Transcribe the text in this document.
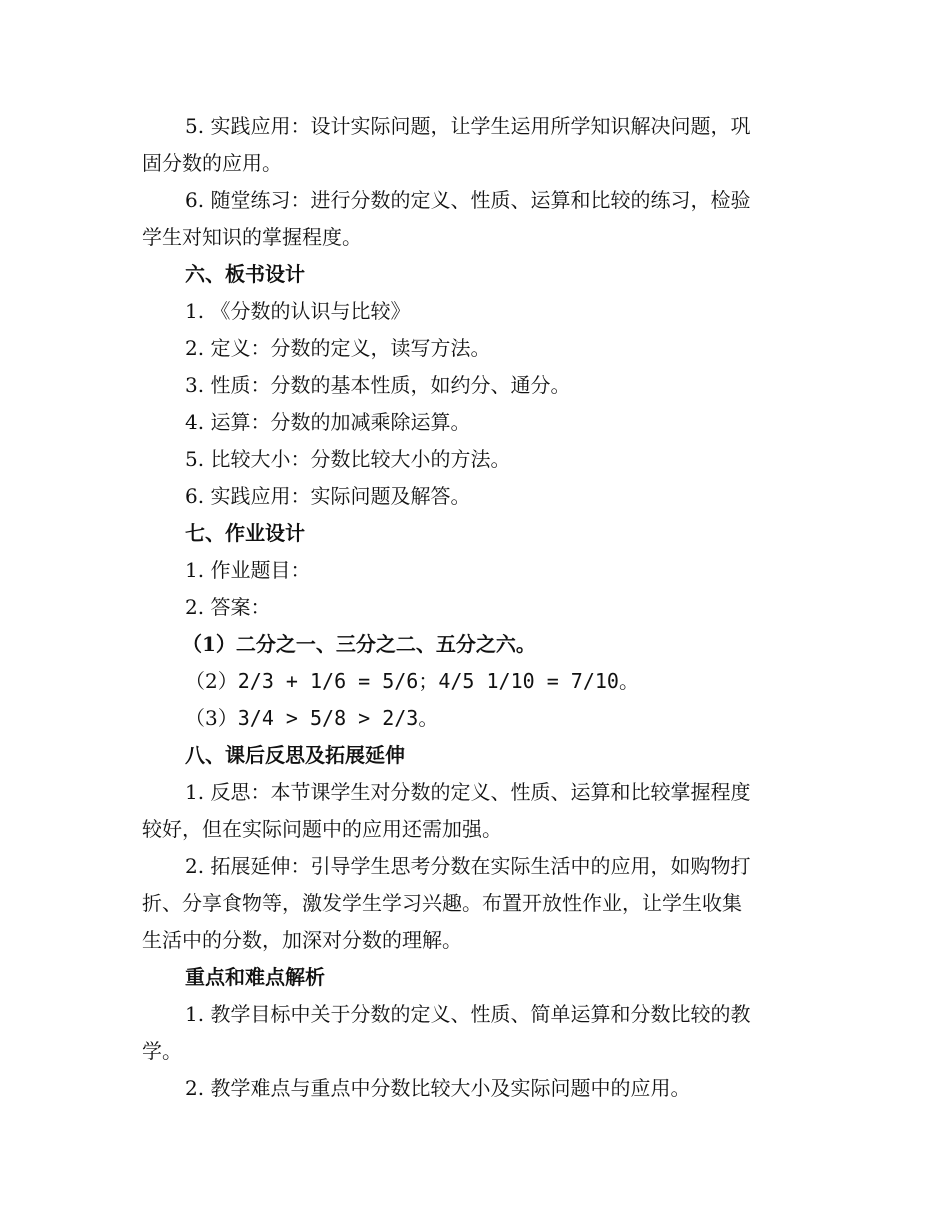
5. 实践应用：设计实际问题，让学生运用所学知识解决问题，巩
固分数的应用。
6. 随堂练习：进行分数的定义、性质、运算和比较的练习，检验
学生对知识的掌握程度。
六、板书设计
1. 《分数的认识与比较》
2. 定义：分数的定义，读写方法。
3. 性质：分数的基本性质，如约分、通分。
4. 运算：分数的加减乘除运算。
5. 比较大小：分数比较大小的方法。
6. 实践应用：实际问题及解答。
七、作业设计
1. 作业题目：
2. 答案：
（1）二分之一、三分之二、五分之六。
（2）2/3 + 1/6 = 5/6；4/5 1/10 = 7/10。
（3）3/4 > 5/8 > 2/3。
八、课后反思及拓展延伸
1. 反思：本节课学生对分数的定义、性质、运算和比较掌握程度
较好，但在实际问题中的应用还需加强。
2. 拓展延伸：引导学生思考分数在实际生活中的应用，如购物打
折、分享食物等，激发学生学习兴趣。布置开放性作业，让学生收集
生活中的分数，加深对分数的理解。
重点和难点解析
1. 教学目标中关于分数的定义、性质、简单运算和分数比较的教
学。
2. 教学难点与重点中分数比较大小及实际问题中的应用。
